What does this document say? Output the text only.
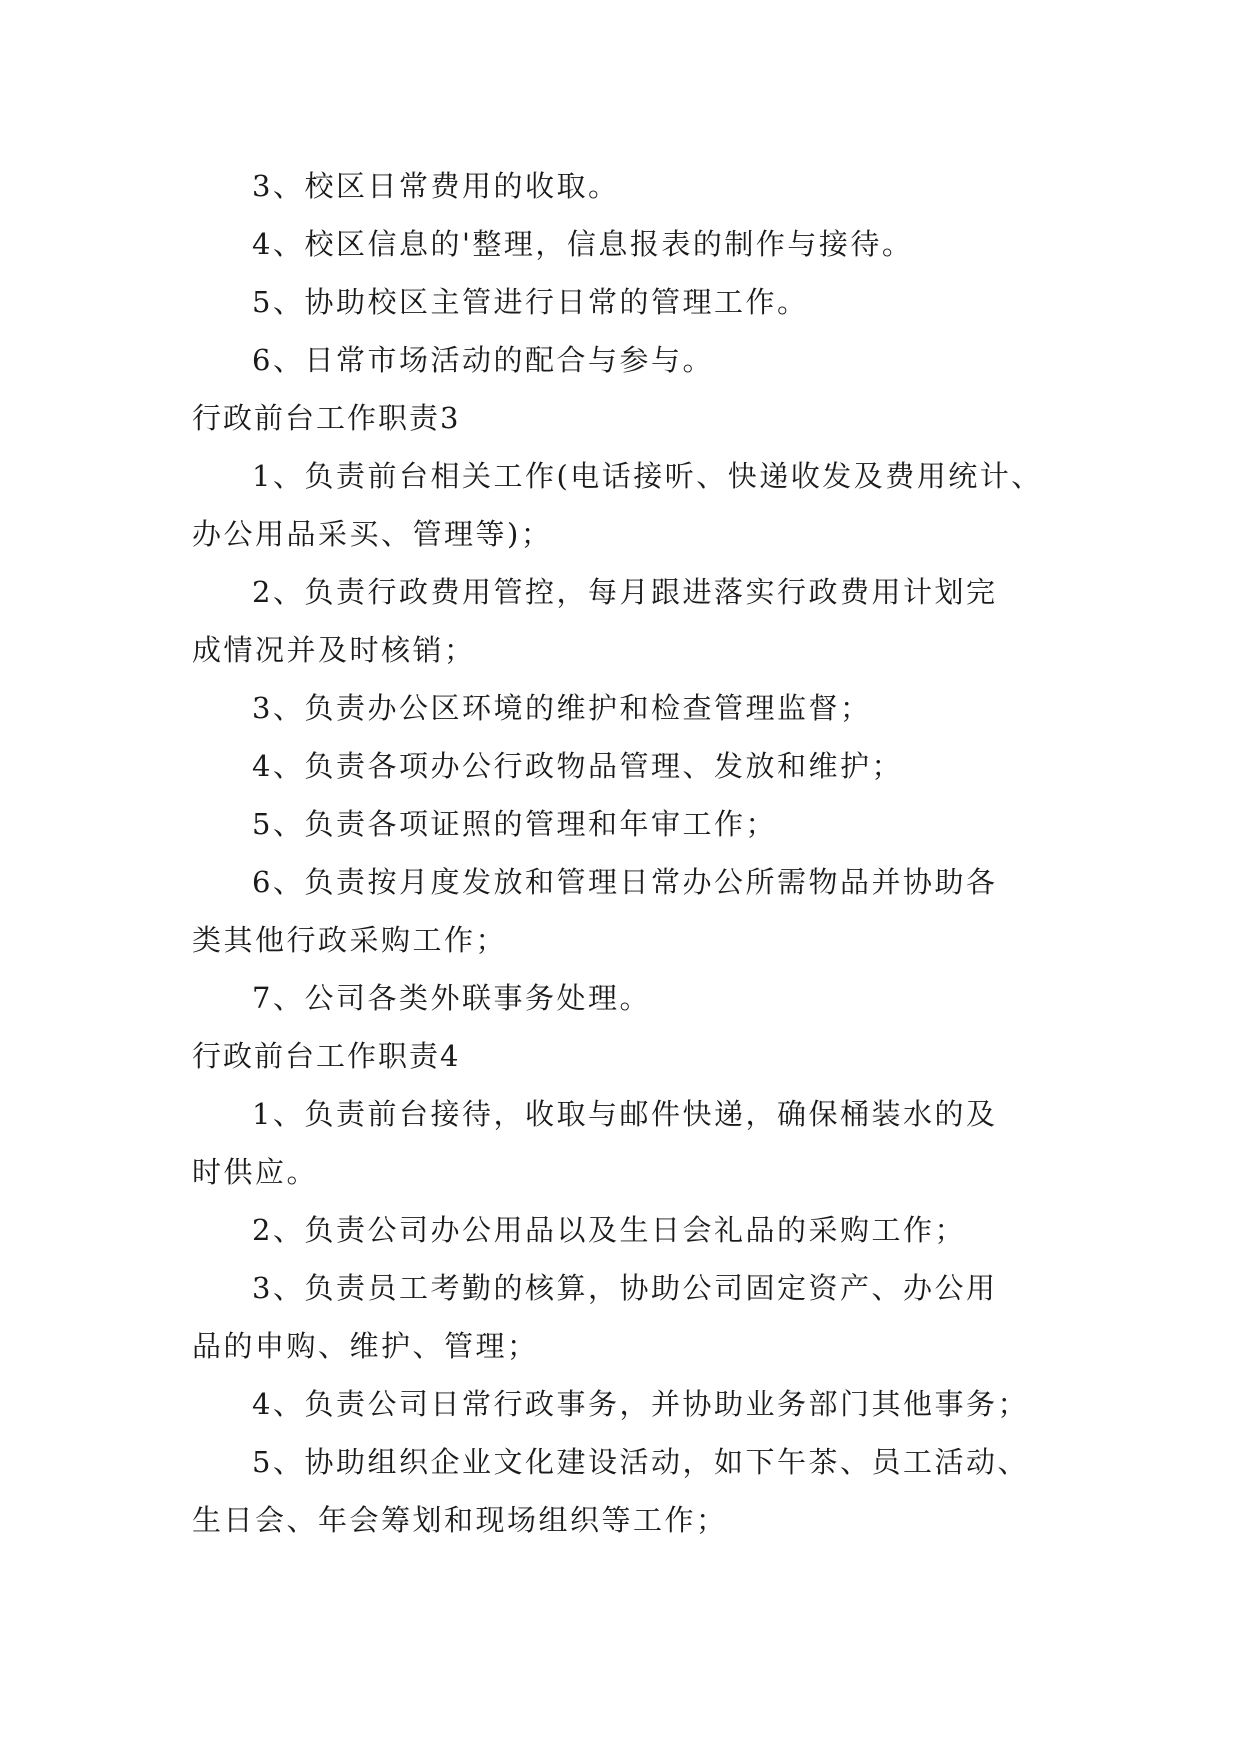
3、校区日常费用的收取。
4、校区信息的'整理，信息报表的制作与接待。
5、协助校区主管进行日常的管理工作。
6、日常市场活动的配合与参与。
行政前台工作职责3
1、负责前台相关工作(电话接听、快递收发及费用统计、
办公用品采买、管理等)；
2、负责行政费用管控，每月跟进落实行政费用计划完
成情况并及时核销；
3、负责办公区环境的维护和检查管理监督；
4、负责各项办公行政物品管理、发放和维护；
5、负责各项证照的管理和年审工作；
6、负责按月度发放和管理日常办公所需物品并协助各
类其他行政采购工作；
7、公司各类外联事务处理。
行政前台工作职责4
1、负责前台接待，收取与邮件快递，确保桶装水的及
时供应。
2、负责公司办公用品以及生日会礼品的采购工作；
3、负责员工考勤的核算，协助公司固定资产、办公用
品的申购、维护、管理；
4、负责公司日常行政事务，并协助业务部门其他事务；
5、协助组织企业文化建设活动，如下午茶、员工活动、
生日会、年会筹划和现场组织等工作；
